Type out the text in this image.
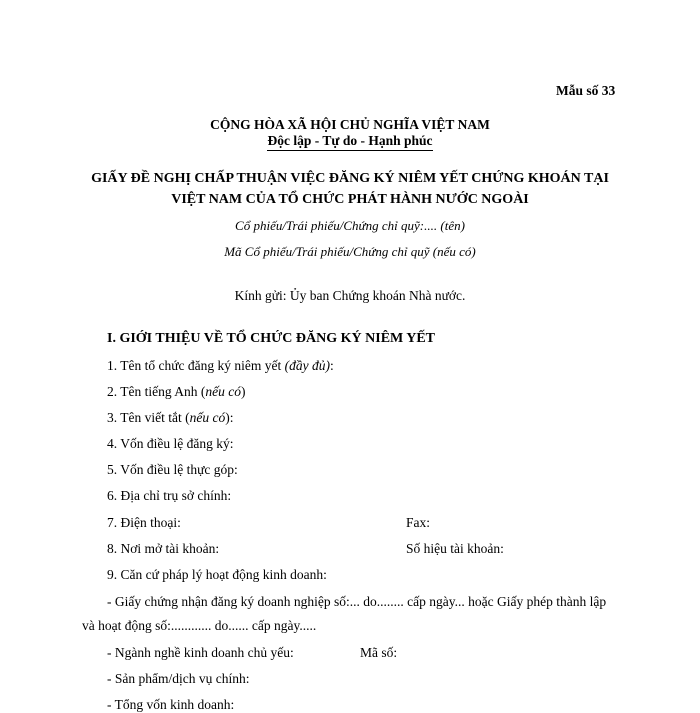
Mẫu số 33
CỘNG HÒA XÃ HỘI CHỦ NGHĨA VIỆT NAM
Độc lập - Tự do - Hạnh phúc
GIẤY ĐỀ NGHỊ CHẤP THUẬN VIỆC ĐĂNG KÝ NIÊM YẾT CHỨNG KHOÁN TẠI
VIỆT NAM CỦA TỔ CHỨC PHÁT HÀNH NƯỚC NGOÀI
Cổ phiếu/Trái phiếu/Chứng chỉ quỹ:.... (tên)
Mã Cổ phiếu/Trái phiếu/Chứng chỉ quỹ (nếu có)
Kính gửi: Ủy ban Chứng khoán Nhà nước.
I. GIỚI THIỆU VỀ TỔ CHỨC ĐĂNG KÝ NIÊM YẾT
1. Tên tổ chức đăng ký niêm yết (đầy đủ):
2. Tên tiếng Anh (nếu có)
3. Tên viết tắt (nếu có):
4. Vốn điều lệ đăng ký:
5. Vốn điều lệ thực góp:
6. Địa chỉ trụ sở chính:
7. Điện thoại:	Fax:
8. Nơi mở tài khoản:	Số hiệu tài khoản:
9. Căn cứ pháp lý hoạt động kinh doanh:
- Giấy chứng nhận đăng ký doanh nghiệp số:... do........ cấp ngày... hoặc Giấy phép thành lập
và hoạt động số:............ do...... cấp ngày.....
- Ngành nghề kinh doanh chủ yếu:	Mã số:
- Sản phẩm/dịch vụ chính:
- Tổng vốn kinh doanh:
